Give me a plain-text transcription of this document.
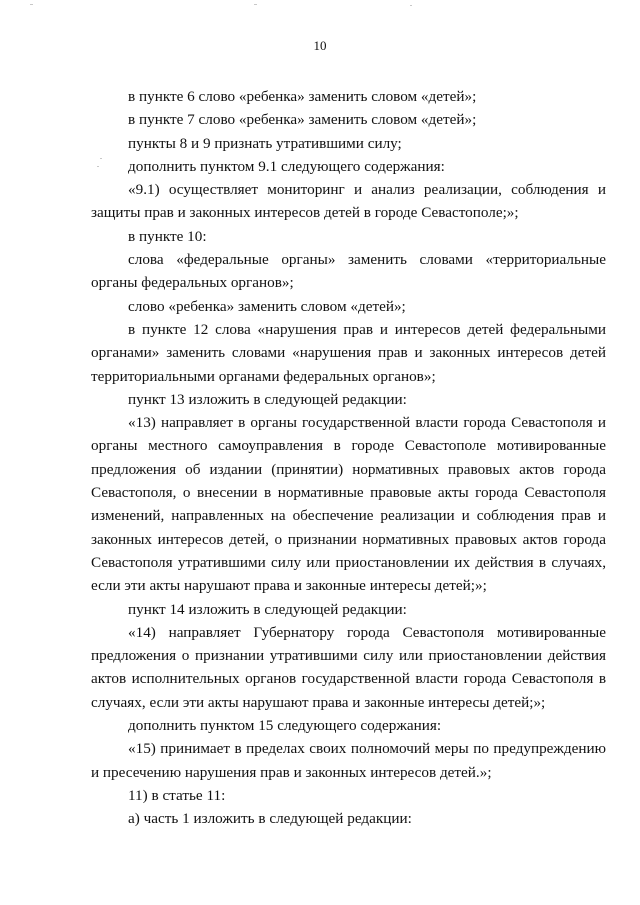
10

в пункте 6 слово «ребенка» заменить словом «детей»;

в пункте 7 слово «ребенка» заменить словом «детей»;

пункты 8 и 9 признать утратившими силу;

дополнить пунктом 9.1 следующего содержания:

«9.1) осуществляет мониторинг и анализ реализации, соблюдения и защиты прав и законных интересов детей в городе Севастополе;»;

в пункте 10:

слова «федеральные органы» заменить словами «территориальные органы федеральных органов»;

слово «ребенка» заменить словом «детей»;

в пункте 12 слова «нарушения прав и интересов детей федеральными органами» заменить словами «нарушения прав и законных интересов детей территориальными органами федеральных органов»;

пункт 13 изложить в следующей редакции:

«13) направляет в органы государственной власти города Севастополя и органы местного самоуправления в городе Севастополе мотивированные предложения об издании (принятии) нормативных правовых актов города Севастополя, о внесении в нормативные правовые акты города Севастополя изменений, направленных на обеспечение реализации и соблюдения прав и законных интересов детей, о признании нормативных правовых актов города Севастополя утратившими силу или приостановлении их действия в случаях, если эти акты нарушают права и законные интересы детей;»;

пункт 14 изложить в следующей редакции:

«14) направляет Губернатору города Севастополя мотивированные предложения о признании утратившими силу или приостановлении действия актов исполнительных органов государственной власти города Севастополя в случаях, если эти акты нарушают права и законные интересы детей;»;

дополнить пунктом 15 следующего содержания:

«15) принимает в пределах своих полномочий меры по предупреждению и пресечению нарушения прав и законных интересов детей.»;

11) в статье 11:

а) часть 1 изложить в следующей редакции:
